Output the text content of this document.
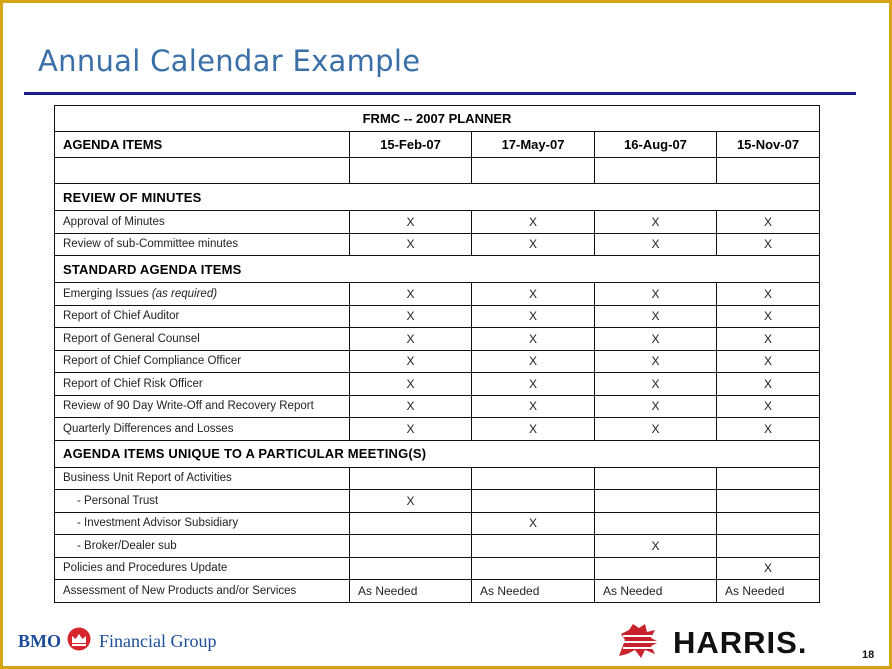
Annual Calendar Example
FRMC -- 2007 PLANNER				
AGENDA ITEMS	15-Feb-07	17-May-07	16-Aug-07	15-Nov-07

REVIEW OF MINUTES				
Approval of Minutes	X	X	X	X
Review of sub-Committee minutes	X	X	X	X
STANDARD AGENDA ITEMS				
Emerging Issues (as required)	X	X	X	X
Report of Chief Auditor	X	X	X	X
Report of General Counsel	X	X	X	X
Report of Chief Compliance Officer	X	X	X	X
Report of Chief Risk Officer	X	X	X	X
Review of 90 Day Write-Off and Recovery Report	X	X	X	X
Quarterly Differences and Losses	X	X	X	X
AGENDA ITEMS UNIQUE TO A PARTICULAR MEETING(S)				
Business Unit Report of Activities				
- Personal Trust	X			
- Investment Advisor Subsidiary		X		
- Broker/Dealer sub			X	
Policies and Procedures Update				X
Assessment of New Products and/or Services	As Needed	As Needed	As Needed	As Needed
BMO Financial Group	HARRIS.	18
